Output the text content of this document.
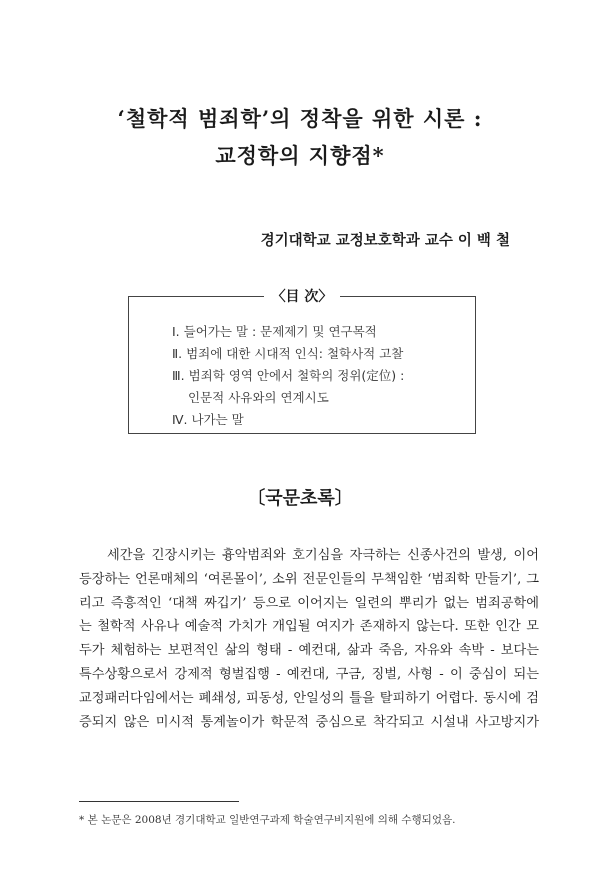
‘철학적 범죄학’의 정착을 위한 시론 :
교정학의 지향점*
경기대학교 교정보호학과 교수 이 백 철
〈目 次〉
Ⅰ. 들어가는 말 : 문제제기 및 연구목적
Ⅱ. 범죄에 대한 시대적 인식: 철학사적 고찰
Ⅲ. 범죄학 영역 안에서 철학의 정위(定位) :
인문적 사유와의 연계시도
Ⅳ. 나가는 말
〔국문초록〕
세간을 긴장시키는 흉악범죄와 호기심을 자극하는 신종사건의 발생, 이어
등장하는 언론매체의 ‘여론몰이’, 소위 전문인들의 무책임한 ‘범죄학 만들기’, 그
리고 즉흥적인 ‘대책 짜깁기’ 등으로 이어지는 일련의 뿌리가 없는 범죄공학에
는 철학적 사유나 예술적 가치가 개입될 여지가 존재하지 않는다. 또한 인간 모
두가 체험하는 보편적인 삶의 형태 - 예컨대, 삶과 죽음, 자유와 속박 - 보다는
특수상황으로서 강제적 형벌집행 - 예컨대, 구금, 징벌, 사형 - 이 중심이 되는
교정패러다임에서는 폐쇄성, 피동성, 안일성의 틀을 탈피하기 어렵다. 동시에 검
증되지 않은 미시적 통계놀이가 학문적 중심으로 착각되고 시설내 사고방지가
* 본 논문은 2008년 경기대학교 일반연구과제 학술연구비지원에 의해 수행되었음.
